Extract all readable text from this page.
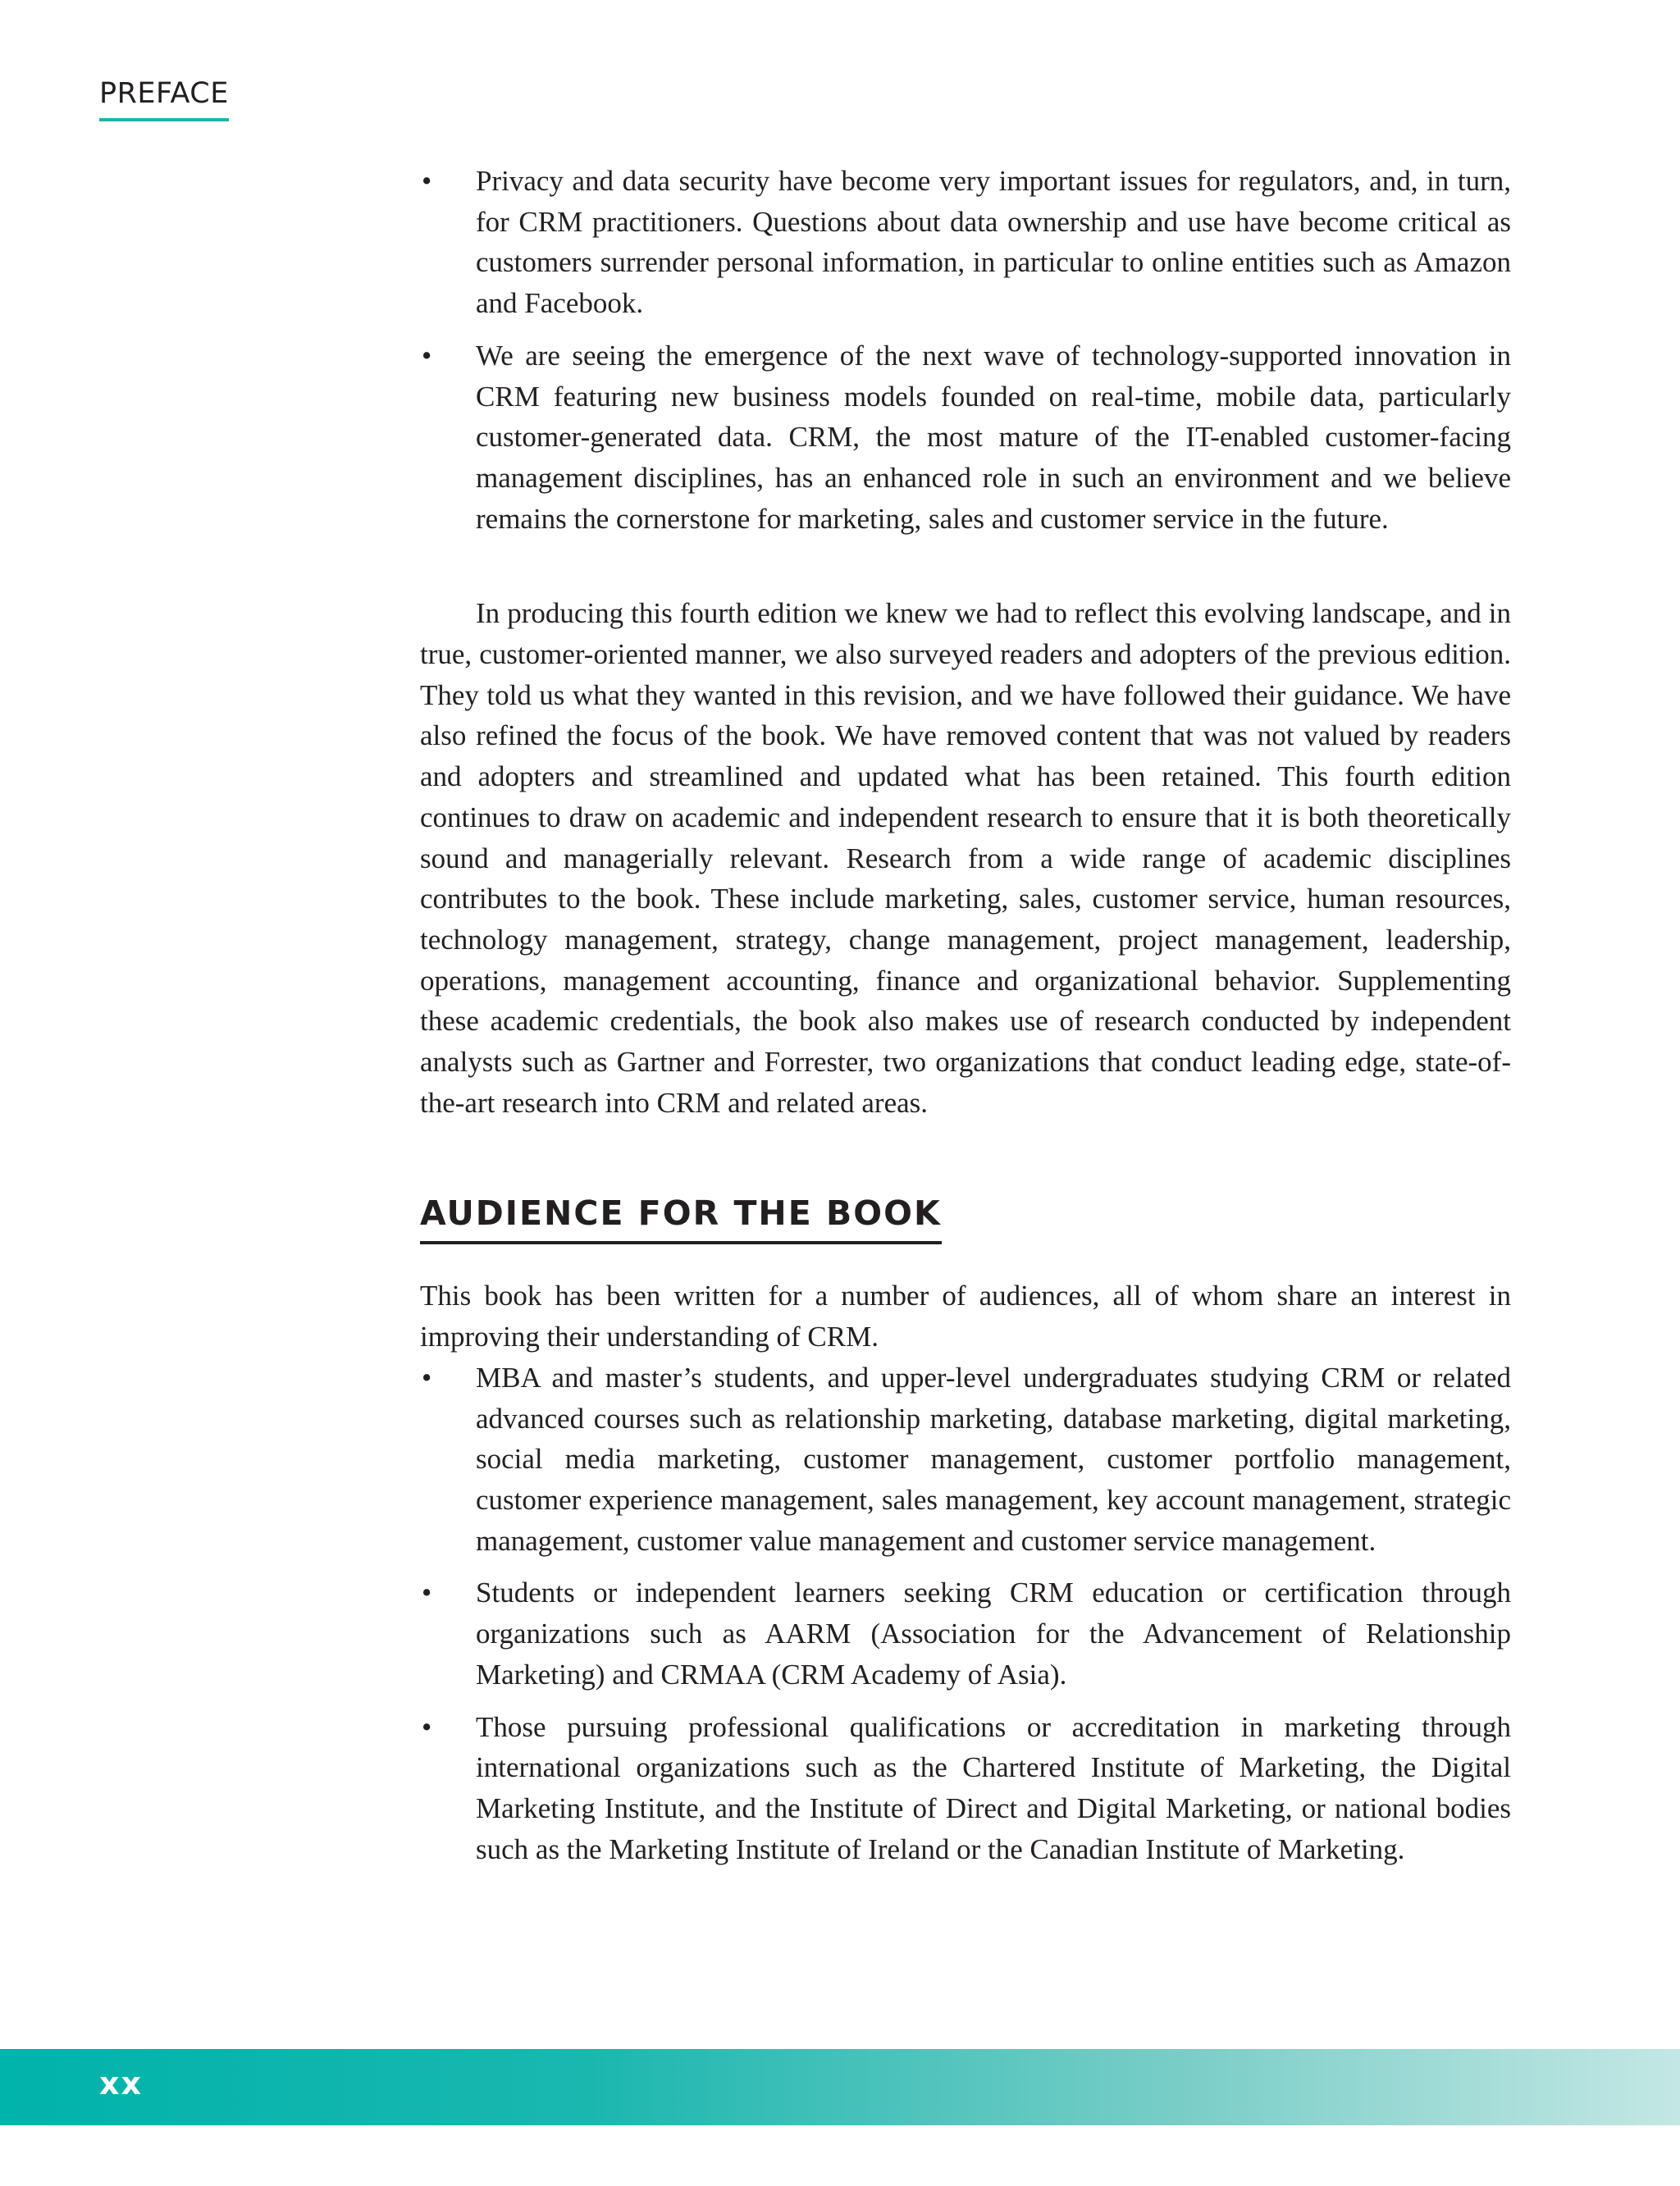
PREFACE
• Privacy and data security have become very important issues for regulators, and, in turn, for CRM practitioners. Questions about data ownership and use have become critical as customers surrender personal information, in particular to online entities such as Amazon and Facebook.
• We are seeing the emergence of the next wave of technology-supported innovation in CRM featuring new business models founded on real-time, mobile data, particularly customer-generated data. CRM, the most mature of the IT-enabled customer-facing management disciplines, has an enhanced role in such an environment and we believe remains the cornerstone for marketing, sales and customer service in the future.

In producing this fourth edition we knew we had to reflect this evolving landscape, and in true, customer-oriented manner, we also surveyed readers and adopters of the previous edition. They told us what they wanted in this revision, and we have followed their guidance. We have also refined the focus of the book. We have removed content that was not valued by readers and adopters and streamlined and updated what has been retained. This fourth edition continues to draw on academic and independent research to ensure that it is both theoretically sound and managerially relevant. Research from a wide range of academic disciplines contributes to the book. These include marketing, sales, customer service, human resources, technology management, strategy, change management, project management, leadership, operations, management accounting, finance and organizational behavior. Supplementing these academic credentials, the book also makes use of research conducted by independent analysts such as Gartner and Forrester, two organizations that conduct leading edge, state-of-the-art research into CRM and related areas.

AUDIENCE FOR THE BOOK

This book has been written for a number of audiences, all of whom share an interest in improving their understanding of CRM.

• MBA and master’s students, and upper-level undergraduates studying CRM or related advanced courses such as relationship marketing, database marketing, digital marketing, social media marketing, customer management, customer portfolio management, customer experience management, sales management, key account management, strategic management, customer value management and customer service management.
• Students or independent learners seeking CRM education or certification through organizations such as AARM (Association for the Advancement of Relationship Marketing) and CRMAA (CRM Academy of Asia).
• Those pursuing professional qualifications or accreditation in marketing through international organizations such as the Chartered Institute of Marketing, the Digital Marketing Institute, and the Institute of Direct and Digital Marketing, or national bodies such as the Marketing Institute of Ireland or the Canadian Institute of Marketing.
xx
